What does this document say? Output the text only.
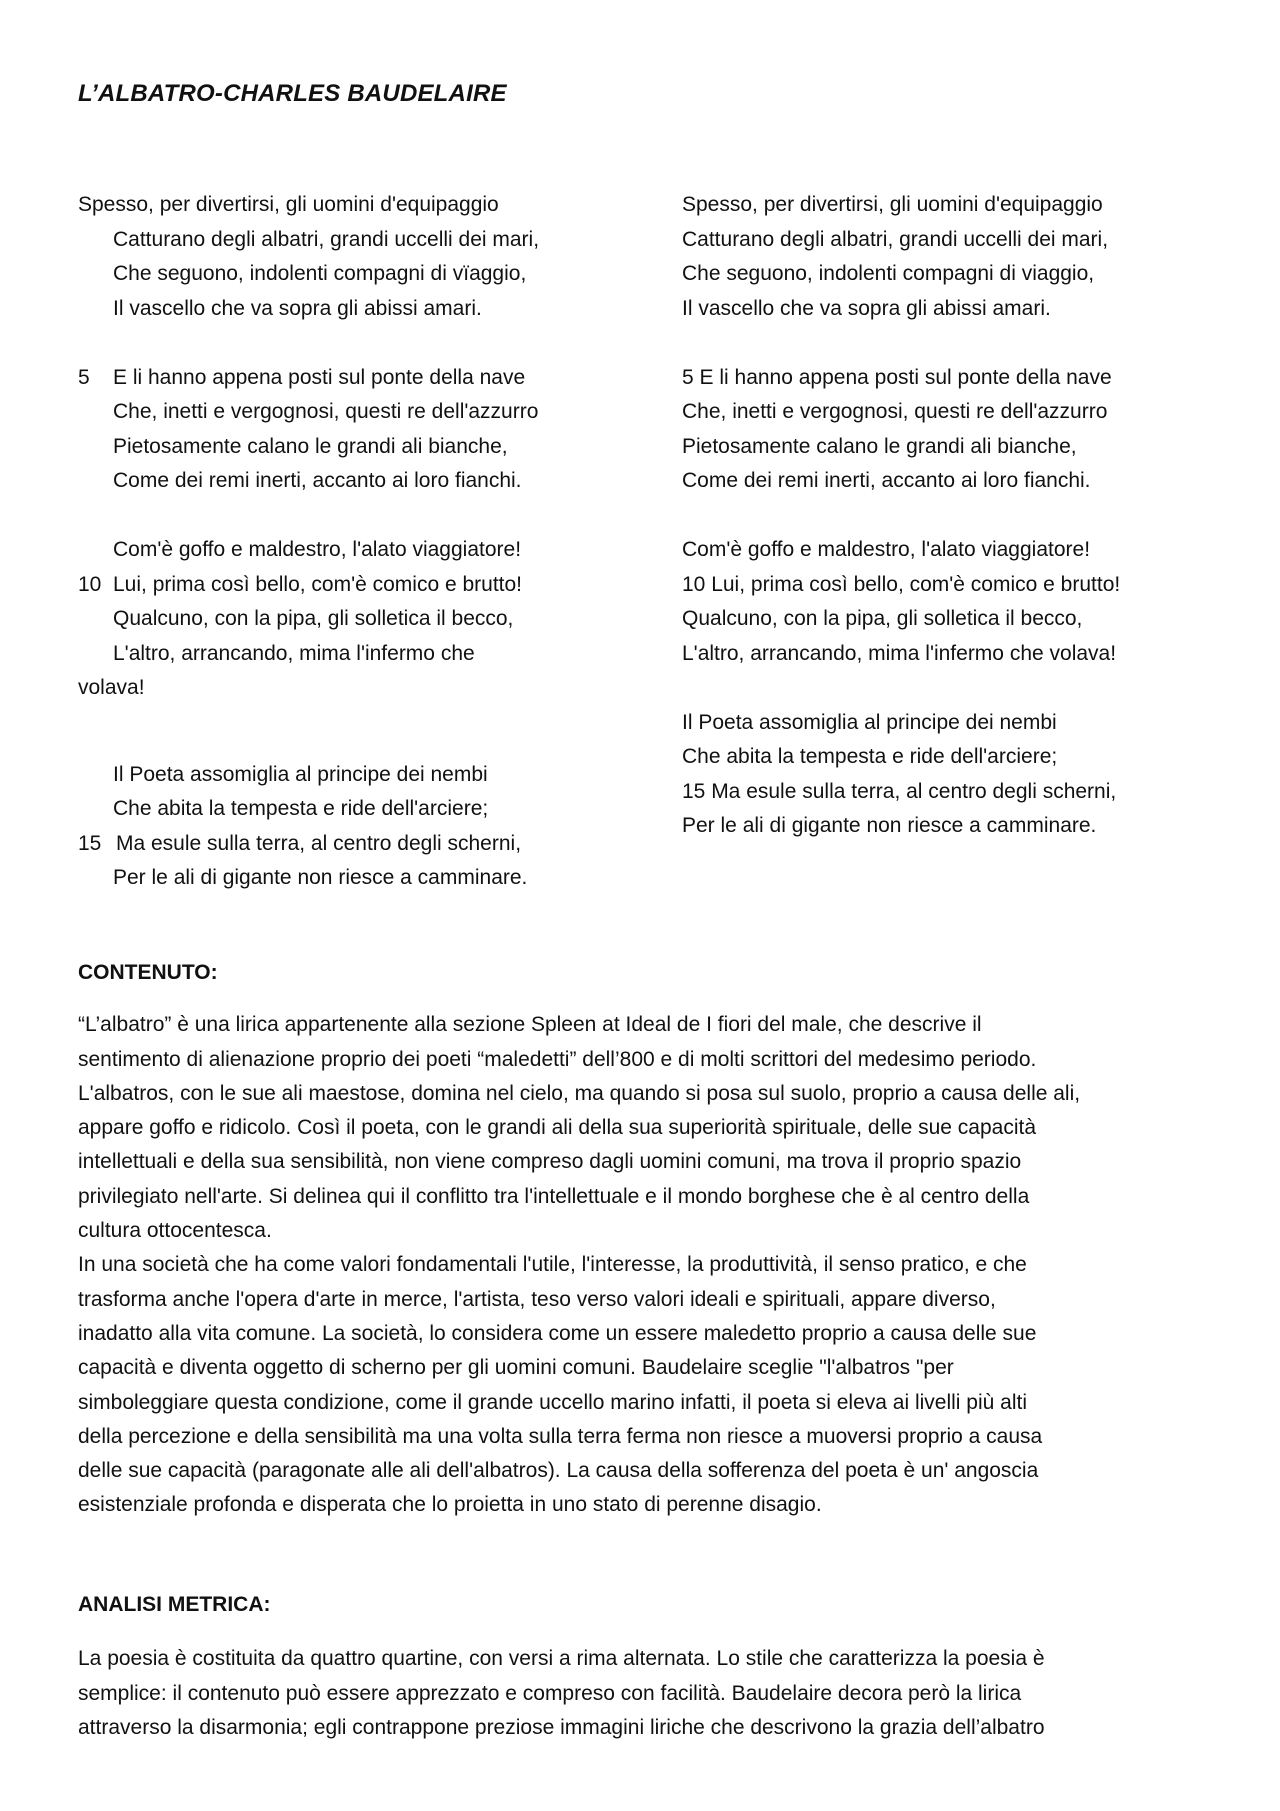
L’ALBATRO-CHARLES BAUDELAIRE
Spesso, per divertirsi, gli uomini d'equipaggio
Catturano degli albatri, grandi uccelli dei mari,
Che seguono, indolenti compagni di vïaggio,
Il vascello che va sopra gli abissi amari.
5 E li hanno appena posti sul ponte della nave
Che, inetti e vergognosi, questi re dell'azzurro
Pietosamente calano le grandi ali bianche,
Come dei remi inerti, accanto ai loro fianchi.
Com'è goffo e maldestro, l'alato viaggiatore!
10 Lui, prima così bello, com'è comico e brutto!
Qualcuno, con la pipa, gli solletica il becco,
L'altro, arrancando, mima l'infermo che
volava!
Il Poeta assomiglia al principe dei nembi
Che abita la tempesta e ride dell'arciere;
15 Ma esule sulla terra, al centro degli scherni,
Per le ali di gigante non riesce a camminare.
Spesso, per divertirsi, gli uomini d'equipaggio
Catturano degli albatri, grandi uccelli dei mari,
Che seguono, indolenti compagni di viaggio,
Il vascello che va sopra gli abissi amari.
5 E li hanno appena posti sul ponte della nave
Che, inetti e vergognosi, questi re dell'azzurro
Pietosamente calano le grandi ali bianche,
Come dei remi inerti, accanto ai loro fianchi.
Com'è goffo e maldestro, l'alato viaggiatore!
10 Lui, prima così bello, com'è comico e brutto!
Qualcuno, con la pipa, gli solletica il becco,
L'altro, arrancando, mima l'infermo che volava!
Il Poeta assomiglia al principe dei nembi
Che abita la tempesta e ride dell'arciere;
15 Ma esule sulla terra, al centro degli scherni,
Per le ali di gigante non riesce a camminare.
CONTENUTO:

“L’albatro” è una lirica appartenente alla sezione Spleen at Ideal de I fiori del male, che descrive il
sentimento di alienazione proprio dei poeti “maledetti” dell’800 e di molti scrittori del medesimo periodo.
L'albatros, con le sue ali maestose, domina nel cielo, ma quando si posa sul suolo, proprio a causa delle ali,
appare goffo e ridicolo. Così il poeta, con le grandi ali della sua superiorità spirituale, delle sue capacità
intellettuali e della sua sensibilità, non viene compreso dagli uomini comuni, ma trova il proprio spazio
privilegiato nell'arte. Si delinea qui il conflitto tra l'intellettuale e il mondo borghese che è al centro della
cultura ottocentesca.
In una società che ha come valori fondamentali l'utile, l'interesse, la produttività, il senso pratico, e che
trasforma anche l'opera d'arte in merce, l'artista, teso verso valori ideali e spirituali, appare diverso,
inadatto alla vita comune. La società, lo considera come un essere maledetto proprio a causa delle sue
capacità e diventa oggetto di scherno per gli uomini comuni. Baudelaire sceglie "l'albatros "per
simboleggiare questa condizione, come il grande uccello marino infatti, il poeta si eleva ai livelli più alti
della percezione e della sensibilità ma una volta sulla terra ferma non riesce a muoversi proprio a causa
delle sue capacità (paragonate alle ali dell'albatros). La causa della sofferenza del poeta è un' angoscia
esistenziale profonda e disperata che lo proietta in uno stato di perenne disagio.

ANALISI METRICA:

La poesia è costituita da quattro quartine, con versi a rima alternata. Lo stile che caratterizza la poesia è
semplice: il contenuto può essere apprezzato e compreso con facilità. Baudelaire decora però la lirica
attraverso la disarmonia; egli contrappone preziose immagini liriche che descrivono la grazia dell’albatro
